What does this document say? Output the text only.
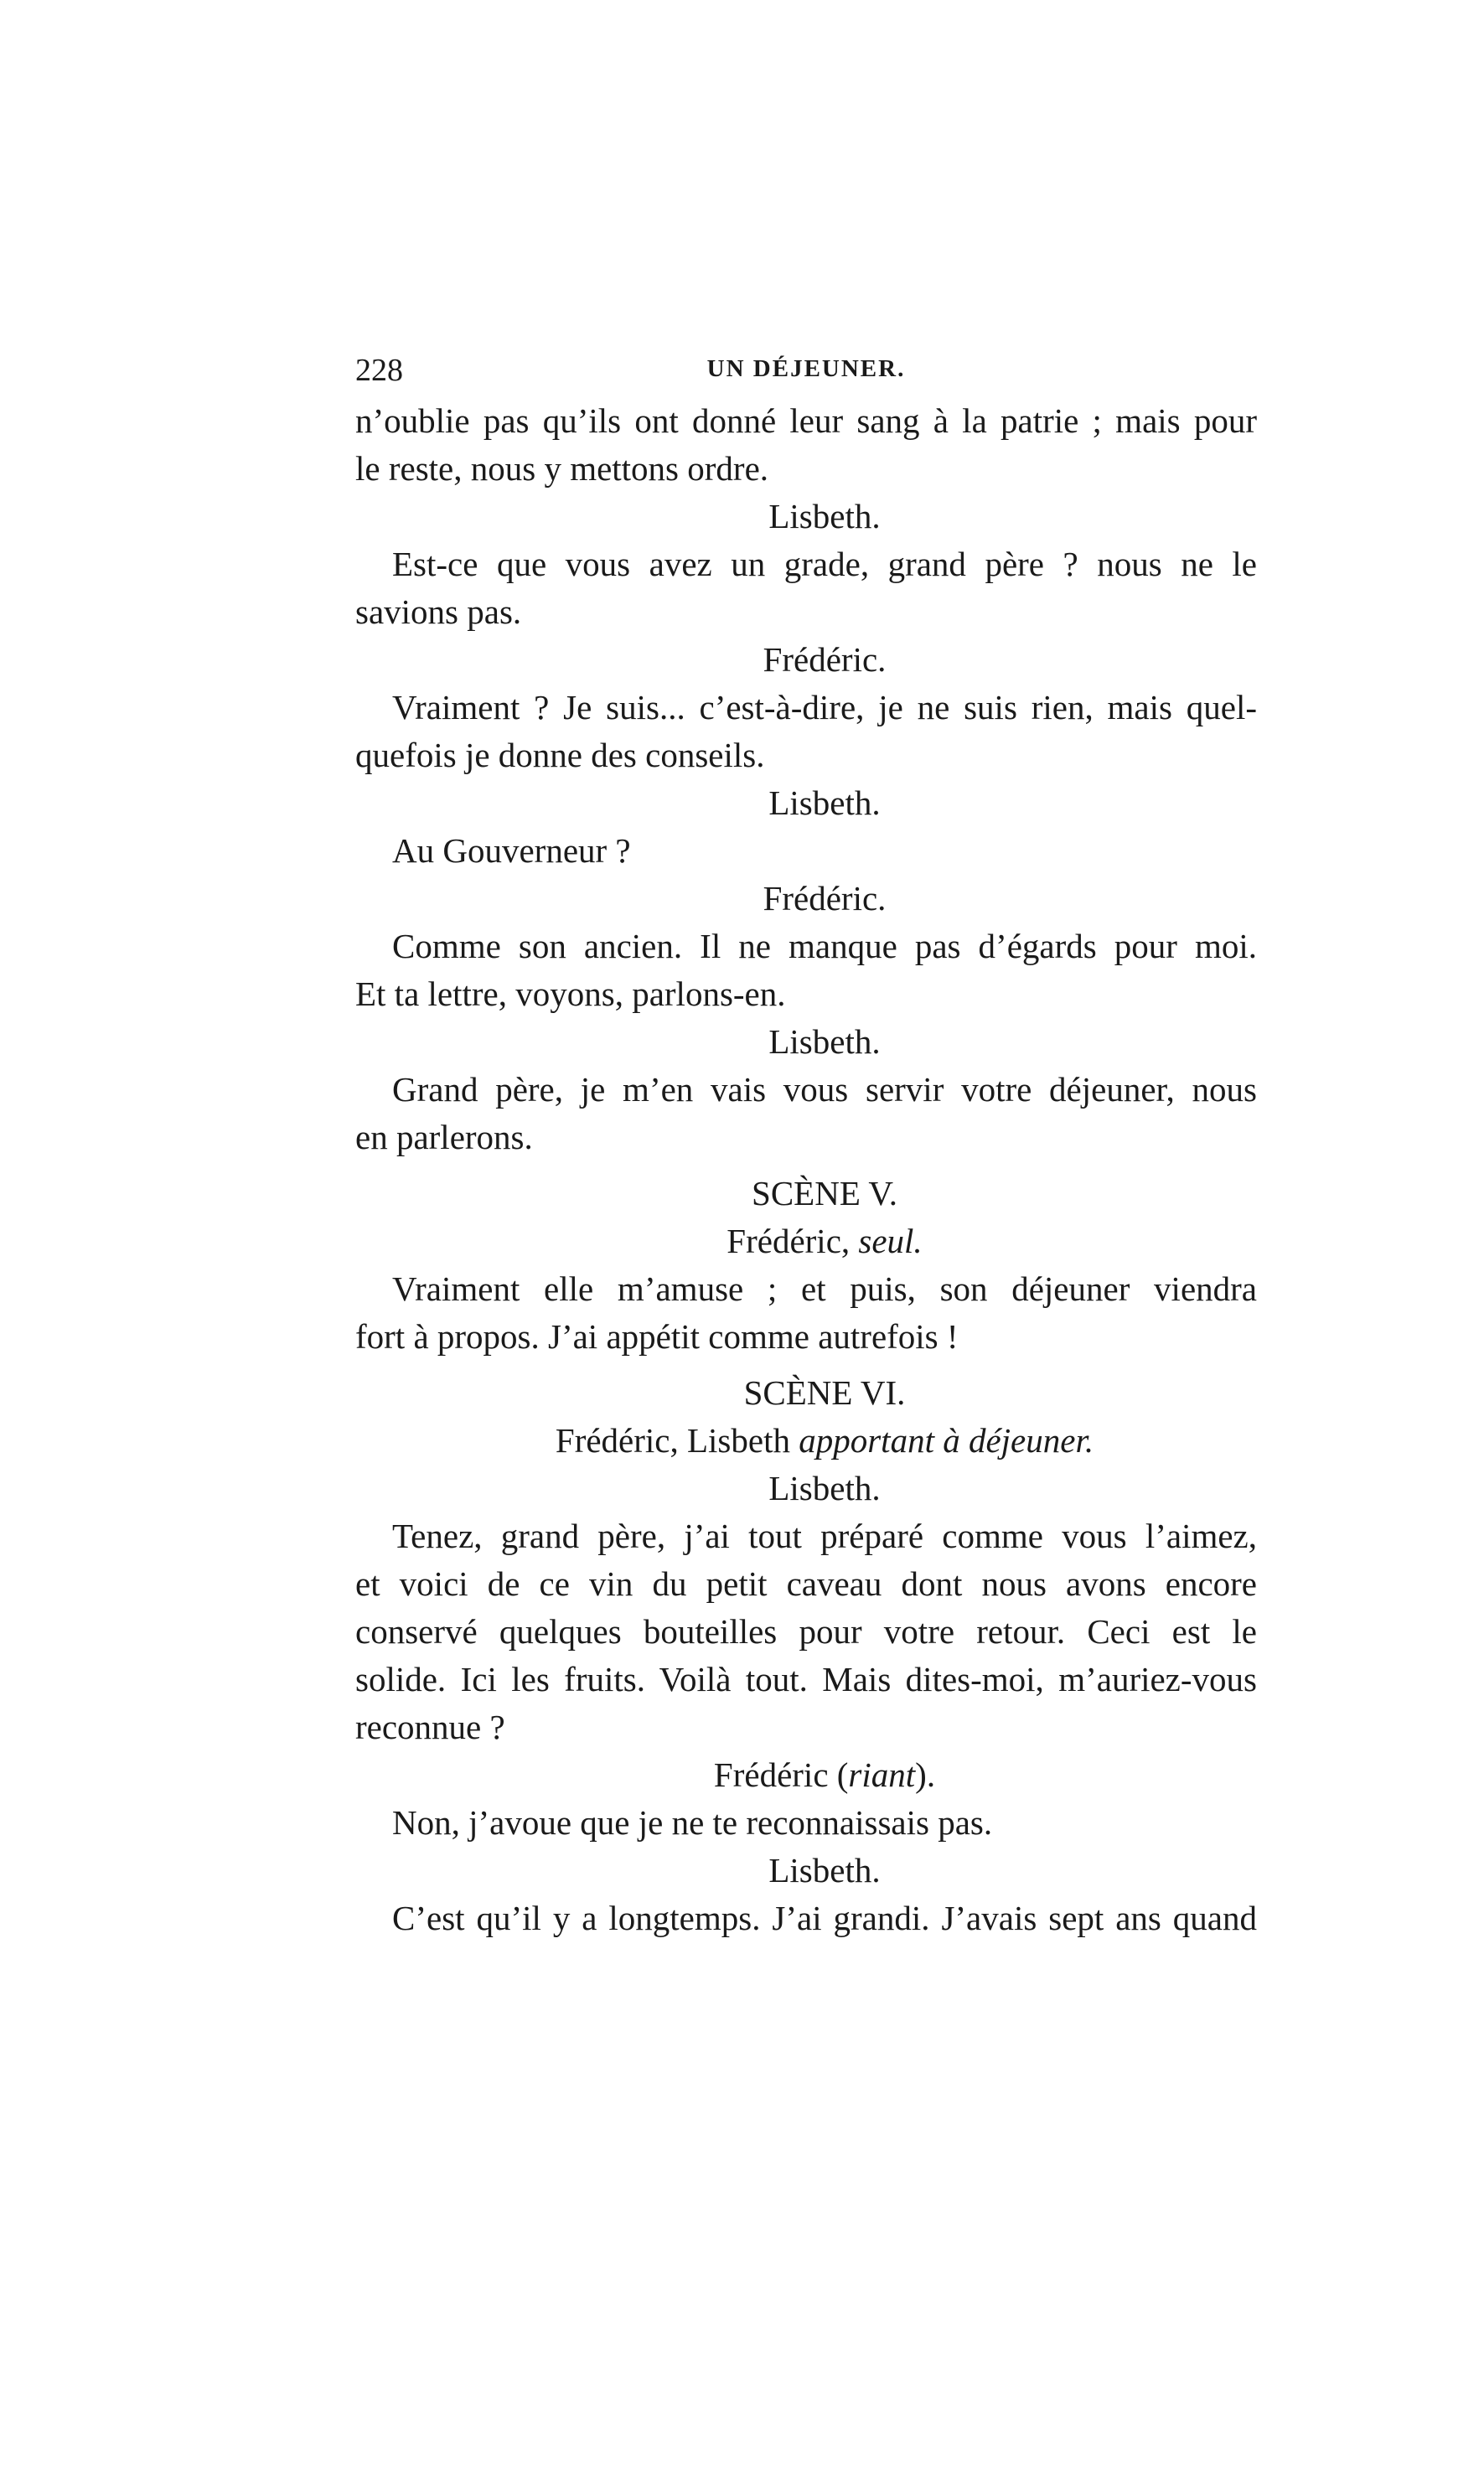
228	UN DÉJEUNER.
n’oublie pas qu’ils ont donné leur sang à la patrie ; mais pour
le reste, nous y mettons ordre.
Lisbeth.
Est-ce que vous avez un grade, grand père ? nous ne le
savions pas.
Frédéric.
Vraiment ? Je suis... c’est-à-dire, je ne suis rien, mais quel-
quefois je donne des conseils.
Lisbeth.
Au Gouverneur ?
Frédéric.
Comme son ancien. Il ne manque pas d’égards pour moi.
Et ta lettre, voyons, parlons-en.
Lisbeth.
Grand père, je m’en vais vous servir votre déjeuner, nous
en parlerons.
SCÈNE V.
Frédéric, seul.
Vraiment elle m’amuse ; et puis, son déjeuner viendra
fort à propos. J’ai appétit comme autrefois !
SCÈNE VI.
Frédéric, Lisbeth apportant à déjeuner.
Lisbeth.
Tenez, grand père, j’ai tout préparé comme vous l’aimez,
et voici de ce vin du petit caveau dont nous avons encore
conservé quelques bouteilles pour votre retour. Ceci est le
solide. Ici les fruits. Voilà tout. Mais dites-moi, m’auriez-vous
reconnue ?
Frédéric (riant).
Non, j’avoue que je ne te reconnaissais pas.
Lisbeth.
C’est qu’il y a longtemps. J’ai grandi. J’avais sept ans quand
